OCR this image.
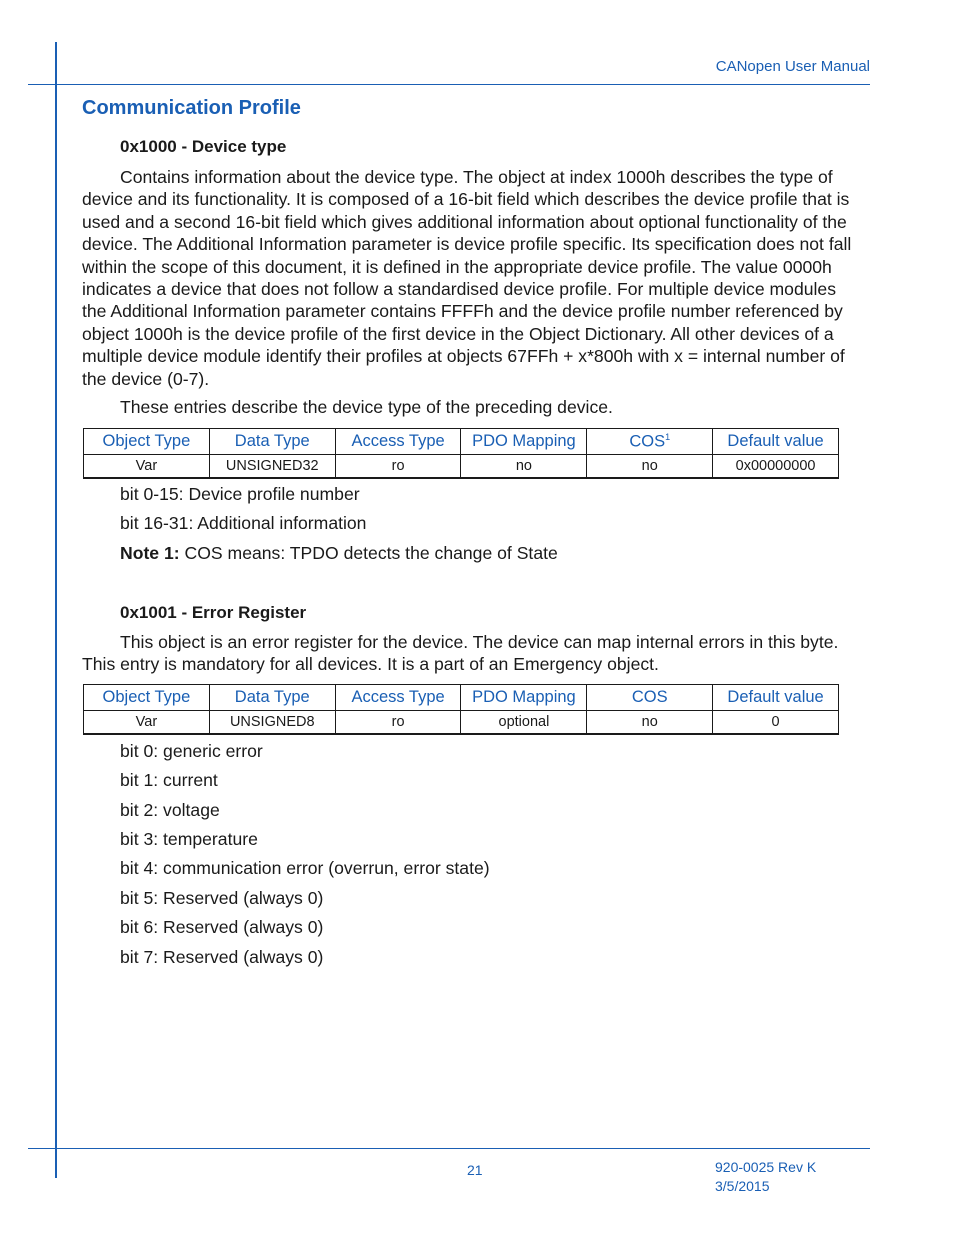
CANopen User Manual
Communication Profile
0x1000 - Device type

Contains information about the device type. The object at index 1000h describes the type of device and its functionality. It is composed of a 16-bit field which describes the device profile that is used and a second 16-bit field which gives additional information about optional functionality of the device. The Additional Information parameter is device profile specific. Its specification does not fall within the scope of this document, it is defined in the appropriate device profile. The value 0000h indicates a device that does not follow a standardised device profile. For multiple device modules the Additional Information parameter contains FFFFh and the device profile number referenced by object 1000h is the device profile of the first device in the Object Dictionary. All other devices of a multiple device module identify their profiles at objects 67FFh + x*800h with x = internal number of the device (0-7).

These entries describe the device type of the preceding device.

Object Type	Data Type	Access Type	PDO Mapping	COS$^1$	Default value
Var	UNSIGNED32	ro	no	no	0x00000000

bit 0-15: Device profile number

bit 16-31: Additional information

Note 1: COS means: TPDO detects the change of State

0x1001 - Error Register

This object is an error register for the device. The device can map internal errors in this byte. This entry is mandatory for all devices. It is a part of an Emergency object.

Object Type	Data Type	Access Type	PDO Mapping	COS	Default value
Var	UNSIGNED8	ro	optional	no	0

bit 0: generic error

bit 1: current

bit 2: voltage

bit 3: temperature

bit 4: communication error (overrun, error state)

bit 5: Reserved (always 0)

bit 6: Reserved (always 0)

bit 7: Reserved (always 0)

21	920-0025 Rev K
3/5/2015
